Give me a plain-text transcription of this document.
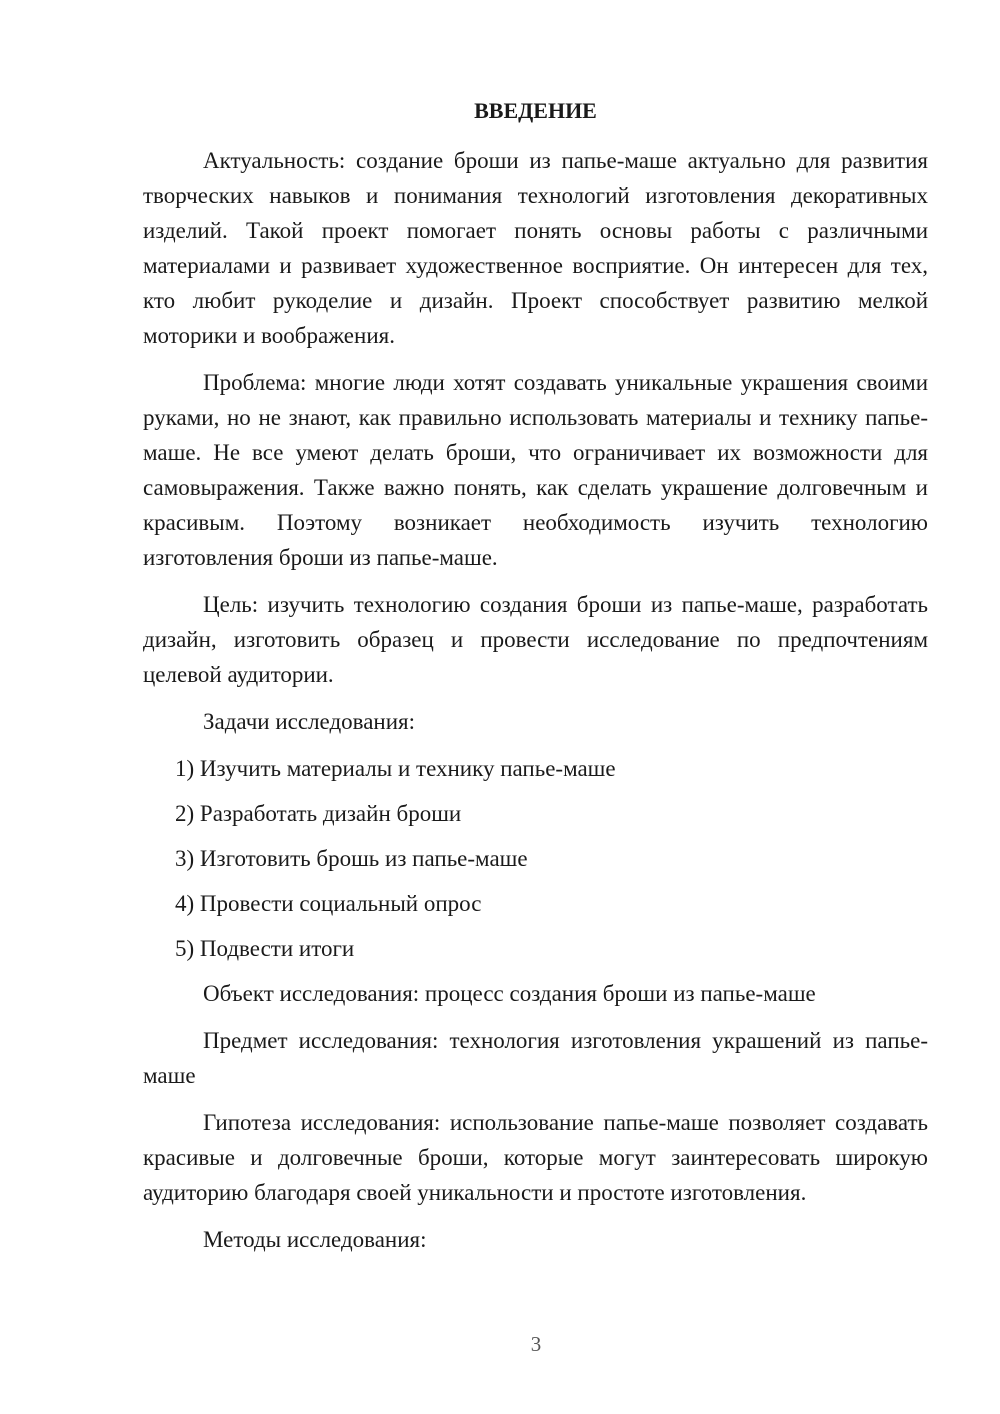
ВВЕДЕНИЕ

Актуальность: создание броши из папье-маше актуально для развития творческих навыков и понимания технологий изготовления декоративных изделий. Такой проект помогает понять основы работы с различными материалами и развивает художественное восприятие. Он интересен для тех, кто любит рукоделие и дизайн. Проект способствует развитию мелкой моторики и воображения.

Проблема: многие люди хотят создавать уникальные украшения своими руками, но не знают, как правильно использовать материалы и технику папье-маше. Не все умеют делать броши, что ограничивает их возможности для самовыражения. Также важно понять, как сделать украшение долговечным и красивым. Поэтому возникает необходимость изучить технологию изготовления броши из папье-маше.

Цель: изучить технологию создания броши из папье-маше, разработать дизайн, изготовить образец и провести исследование по предпочтениям целевой аудитории.

Задачи исследования:

1) Изучить материалы и технику папье-маше

2) Разработать дизайн броши

3) Изготовить брошь из папье-маше

4) Провести социальный опрос

5) Подвести итоги

Объект исследования: процесс создания броши из папье-маше

Предмет исследования: технология изготовления украшений из папье-маше

Гипотеза исследования: использование папье-маше позволяет создавать красивые и долговечные броши, которые могут заинтересовать широкую аудиторию благодаря своей уникальности и простоте изготовления.

Методы исследования:

3
